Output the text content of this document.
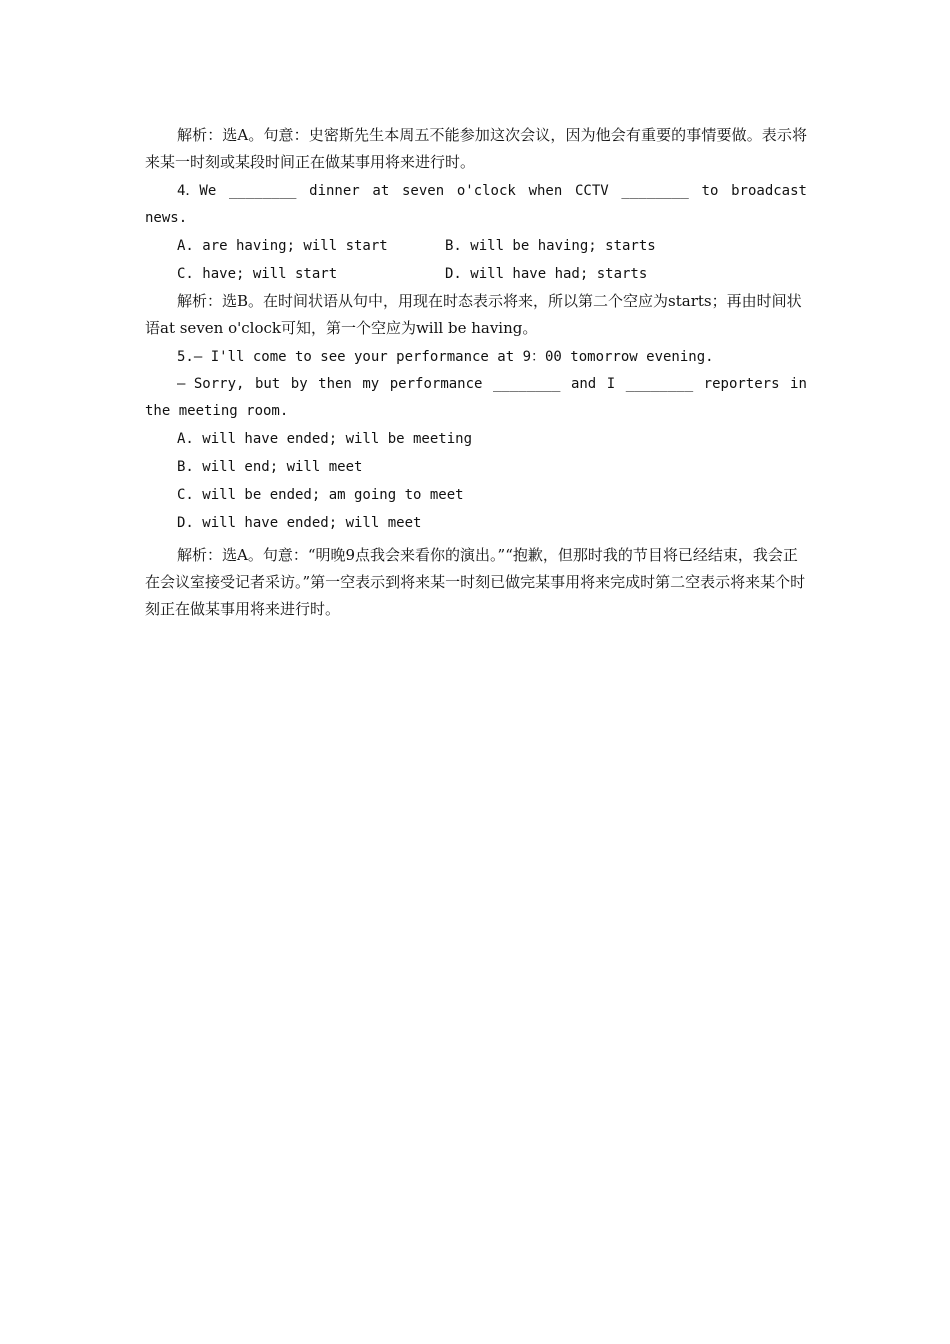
解析：选A。句意：史密斯先生本周五不能参加这次会议，因为他会有重要的事情要做。表示将来某一时刻或某段时间正在做某事用将来进行时。

4．We ________ dinner at seven o'clock when CCTV ________ to broadcast
news.
A. are having; will start	B. will be having; starts
C. have; will start	D. will have had; starts

解析：选B。在时间状语从句中，用现在时态表示将来，所以第二个空应为starts；再由时间状语at seven o'clock可知，第一个空应为will be having。

5.— I'll come to see your performance at 9：00 tomorrow evening.
— Sorry, but by then my performance ________ and I ________ reporters in
the meeting room.
A. will have ended; will be meeting
B. will end; will meet
C. will be ended; am going to meet
D. will have ended; will meet

解析：选A。句意：“明晚9点我会来看你的演出。”“抱歉，但那时我的节目将已经结束，我会正在会议室接受记者采访。”第一空表示到将来某一时刻已做完某事用将来完成时第二空表示将来某个时刻正在做某事用将来进行时。
